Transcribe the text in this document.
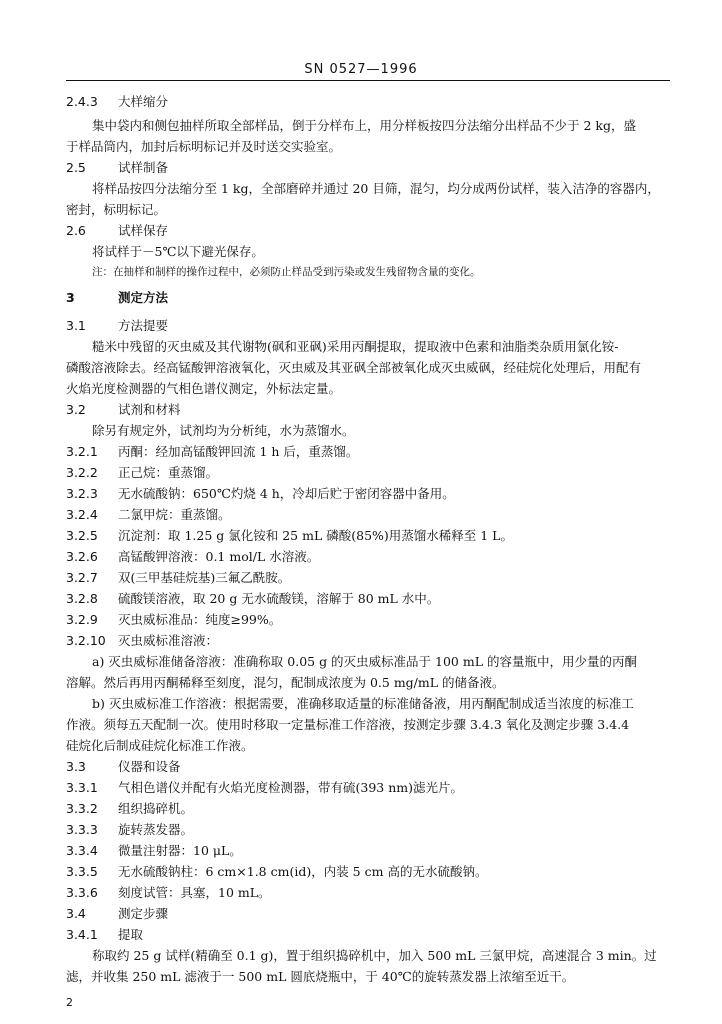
SN 0527—1996
2.4.3 大样缩分
集中袋内和侧包抽样所取全部样品，倒于分样布上，用分样板按四分法缩分出样品不少于 2 kg，盛
于样品筒内，加封后标明标记并及时送交实验室。
2.5	试样制备
将样品按四分法缩分至 1 kg，全部磨碎并通过 20 目筛，混匀，均分成两份试样，装入洁净的容器内，
密封，标明标记。
2.6	试样保存
将试样于－5℃以下避光保存。
注：在抽样和制样的操作过程中，必须防止样品受到污染或发生残留物含量的变化。
3	测定方法
3.1	方法提要
糙米中残留的灭虫威及其代谢物(砜和亚砜)采用丙酮提取，提取液中色素和油脂类杂质用氯化铵-
磷酸溶液除去。经高锰酸钾溶液氧化，灭虫威及其亚砜全部被氧化成灭虫威砜，经硅烷化处理后，用配有
火焰光度检测器的气相色谱仪测定，外标法定量。
3.2	试剂和材料
除另有规定外，试剂均为分析纯，水为蒸馏水。
3.2.1 丙酮：经加高锰酸钾回流 1 h 后，重蒸馏。
3.2.2 正己烷：重蒸馏。
3.2.3 无水硫酸钠：650℃灼烧 4 h，冷却后贮于密闭容器中备用。
3.2.4 二氯甲烷：重蒸馏。
3.2.5 沉淀剂：取 1.25 g 氯化铵和 25 mL 磷酸(85%)用蒸馏水稀释至 1 L。
3.2.6 高锰酸钾溶液：0.1 mol/L 水溶液。
3.2.7 双(三甲基硅烷基)三氟乙酰胺。
3.2.8 硫酸镁溶液，取 20 g 无水硫酸镁，溶解于 80 mL 水中。
3.2.9 灭虫威标准品：纯度≥99%。
3.2.10 灭虫威标准溶液：
a) 灭虫威标准储备溶液：准确称取 0.05 g 的灭虫威标准品于 100 mL 的容量瓶中，用少量的丙酮
溶解。然后再用丙酮稀释至刻度，混匀，配制成浓度为 0.5 mg/mL 的储备液。
b) 灭虫威标准工作溶液：根据需要，准确移取适量的标准储备液，用丙酮配制成适当浓度的标准工
作液。须每五天配制一次。使用时移取一定量标准工作溶液，按测定步骤 3.4.3 氧化及测定步骤 3.4.4
硅烷化后制成硅烷化标准工作液。
3.3	仪器和设备
3.3.1 气相色谱仪并配有火焰光度检测器，带有硫(393 nm)滤光片。
3.3.2 组织捣碎机。
3.3.3 旋转蒸发器。
3.3.4 微量注射器：10 μL。
3.3.5 无水硫酸钠柱：6 cm×1.8 cm(id)，内装 5 cm 高的无水硫酸钠。
3.3.6 刻度试管：具塞，10 mL。
3.4	测定步骤
3.4.1 提取
称取约 25 g 试样(精确至 0.1 g)，置于组织捣碎机中，加入 500 mL 三氯甲烷，高速混合 3 min。过
滤，并收集 250 mL 滤液于一 500 mL 圆底烧瓶中，于 40℃的旋转蒸发器上浓缩至近干。
2
